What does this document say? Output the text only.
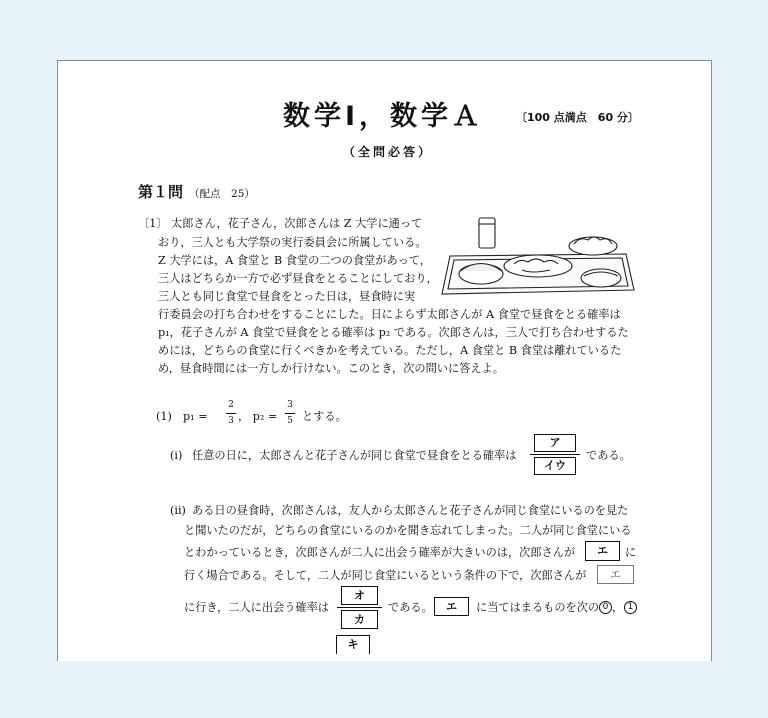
数学Ⅰ，数学Ａ	〔100 点満点　60 分〕
（全問必答）
第１問 （配点　25）
〔1〕 太郎さん，花子さん，次郎さんは Z 大学に通って
おり，三人とも大学祭の実行委員会に所属している。
Z 大学には，A 食堂と B 食堂の二つの食堂があって，
三人はどちらか一方で必ず昼食をとることにしており，
三人とも同じ食堂で昼食をとった日は，昼食時に実
行委員会の打ち合わせをすることにした。日によらず太郎さんが A 食堂で昼食をとる確率は
p₁，花子さんが A 食堂で昼食をとる確率は p₂ である。次郎さんは，三人で打ち合わせするた
めには，どちらの食堂に行くべきかを考えている。ただし，A 食堂と B 食堂は離れているた
め，昼食時間には一方しか行けない。このとき，次の問いに答えよ。
(1) p₁ =
2
3 ， p₂ =
3
5 とする。
(i) 任意の日に，太郎さんと花子さんが同じ食堂で昼食をとる確率は
ア
イウ
である。
(ii) ある日の昼食時，次郎さんは，友人から太郎さんと花子さんが同じ食堂にいるのを見た
と聞いたのだが，どちらの食堂にいるのかを聞き忘れてしまった。二人が同じ食堂にいる
とわかっているとき，次郎さんが二人に出会う確率が大きいのは，次郎さんが	エ	に
行く場合である。そして，二人が同じ食堂にいるという条件の下で，次郎さんが	エ
に行き，二人に出会う確率は
オ
カ
である。	エ	に当てはまるものを次の 0 ， 1
キ
